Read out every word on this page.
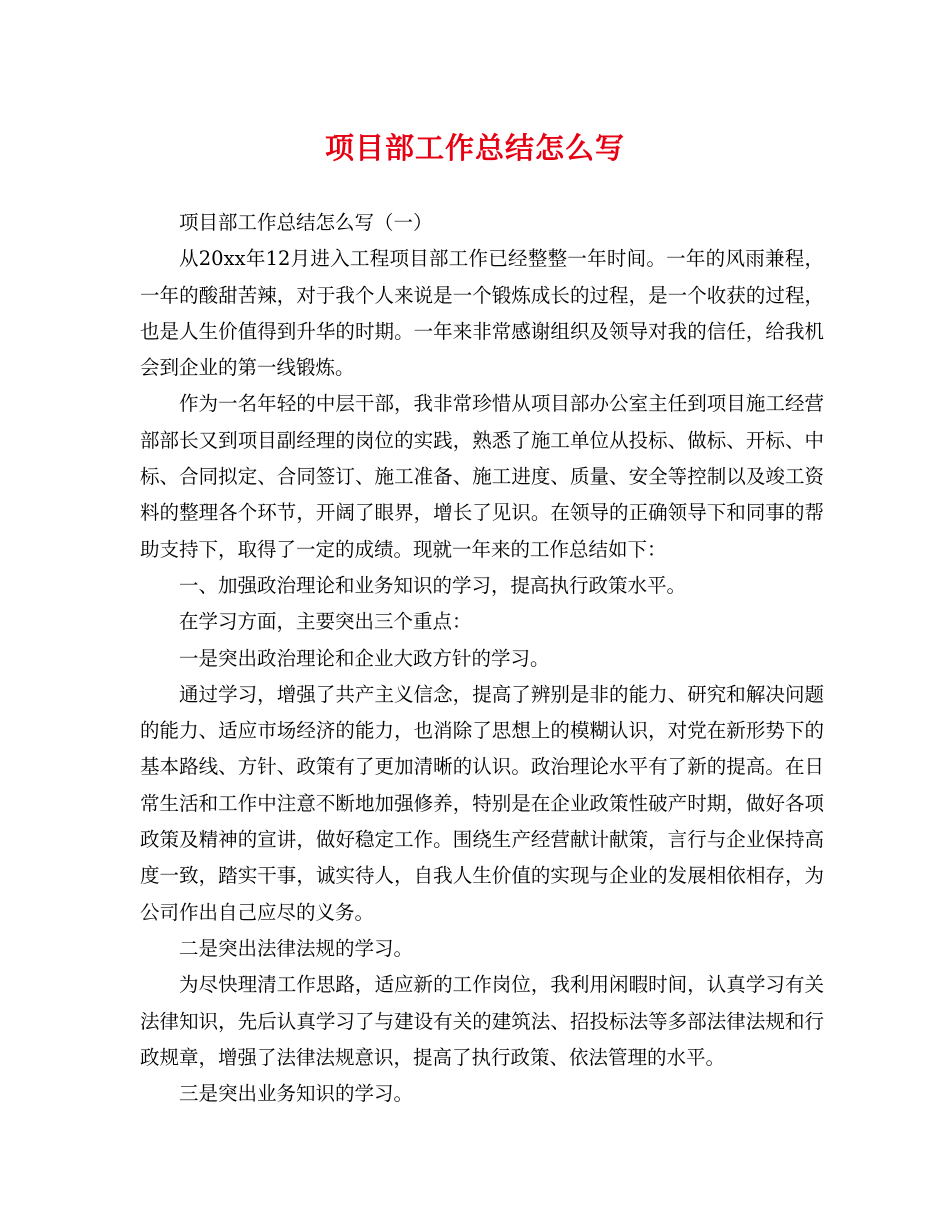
项目部工作总结怎么写

项目部工作总结怎么写（一）

从20xx年12月进入工程项目部工作已经整整一年时间。一年的风雨兼程，一年的酸甜苦辣，对于我个人来说是一个锻炼成长的过程，是一个收获的过程，也是人生价值得到升华的时期。一年来非常感谢组织及领导对我的信任，给我机会到企业的第一线锻炼。

作为一名年轻的中层干部，我非常珍惜从项目部办公室主任到项目施工经营部部长又到项目副经理的岗位的实践，熟悉了施工单位从投标、做标、开标、中标、合同拟定、合同签订、施工准备、施工进度、质量、安全等控制以及竣工资料的整理各个环节，开阔了眼界，增长了见识。在领导的正确领导下和同事的帮助支持下，取得了一定的成绩。现就一年来的工作总结如下：

一、加强政治理论和业务知识的学习，提高执行政策水平。

在学习方面，主要突出三个重点：

一是突出政治理论和企业大政方针的学习。

通过学习，增强了共产主义信念，提高了辨别是非的能力、研究和解决问题的能力、适应市场经济的能力，也消除了思想上的模糊认识，对党在新形势下的基本路线、方针、政策有了更加清晰的认识。政治理论水平有了新的提高。在日常生活和工作中注意不断地加强修养，特别是在企业政策性破产时期，做好各项政策及精神的宣讲，做好稳定工作。围绕生产经营献计献策，言行与企业保持高度一致，踏实干事，诚实待人，自我人生价值的实现与企业的发展相依相存，为公司作出自己应尽的义务。

二是突出法律法规的学习。

为尽快理清工作思路，适应新的工作岗位，我利用闲暇时间，认真学习有关法律知识，先后认真学习了与建设有关的建筑法、招投标法等多部法律法规和行政规章，增强了法律法规意识，提高了执行政策、依法管理的水平。

三是突出业务知识的学习。
